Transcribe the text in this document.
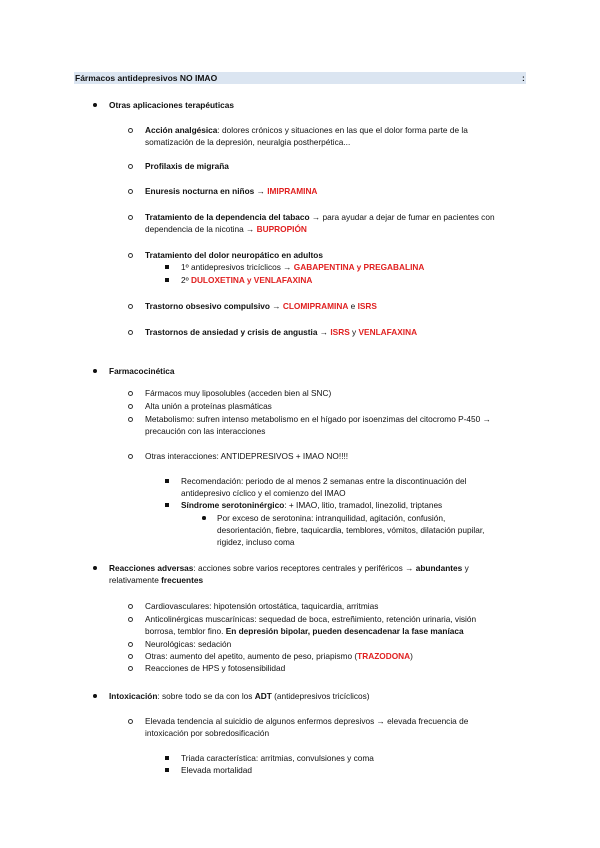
Fármacos antidepresivos NO IMAO	:
Otras aplicaciones terapéuticas
Acción analgésica: dolores crónicos y situaciones en las que el dolor forma parte de la
somatización de la depresión, neuralgia postherpética...
Profilaxis de migraña
Enuresis nocturna en niños → IMIPRAMINA
Tratamiento de la dependencia del tabaco → para ayudar a dejar de fumar en pacientes con
dependencia de la nicotina → BUPROPIÓN
Tratamiento del dolor neuropático en adultos
1º antidepresivos tricíclicos → GABAPENTINA y PREGABALINA
2º DULOXETINA y VENLAFAXINA
Trastorno obsesivo compulsivo → CLOMIPRAMINA e ISRS
Trastornos de ansiedad y crisis de angustia → ISRS y VENLAFAXINA
Farmacocinética
Fármacos muy liposolubles (acceden bien al SNC)
Alta unión a proteínas plasmáticas
Metabolismo: sufren intenso metabolismo en el hígado por isoenzimas del citocromo P-450 →
precaución con las interacciones
Otras interacciones: ANTIDEPRESIVOS + IMAO NO!!!!
Recomendación: periodo de al menos 2 semanas entre la discontinuación del
antidepresivo cíclico y el comienzo del IMAO
Síndrome serotoninérgico: + IMAO, litio, tramadol, linezolid, triptanes
Por exceso de serotonina: intranquilidad, agitación, confusión,
desorientación, fiebre, taquicardia, temblores, vómitos, dilatación pupilar,
rigidez, incluso coma
Reacciones adversas: acciones sobre varios receptores centrales y periféricos → abundantes y
relativamente frecuentes
Cardiovasculares: hipotensión ortostática, taquicardia, arritmias
Anticolinérgicas muscarínicas: sequedad de boca, estreñimiento, retención urinaria, visión
borrosa, temblor fino. En depresión bipolar, pueden desencadenar la fase maníaca
Neurológicas: sedación
Otras: aumento del apetito, aumento de peso, priapismo (TRAZODONA)
Reacciones de HPS y fotosensibilidad
Intoxicación: sobre todo se da con los ADT (antidepresivos tricíclicos)
Elevada tendencia al suicidio de algunos enfermos depresivos → elevada frecuencia de
intoxicación por sobredosificación
Triada característica: arritmias, convulsiones y coma
Elevada mortalidad
